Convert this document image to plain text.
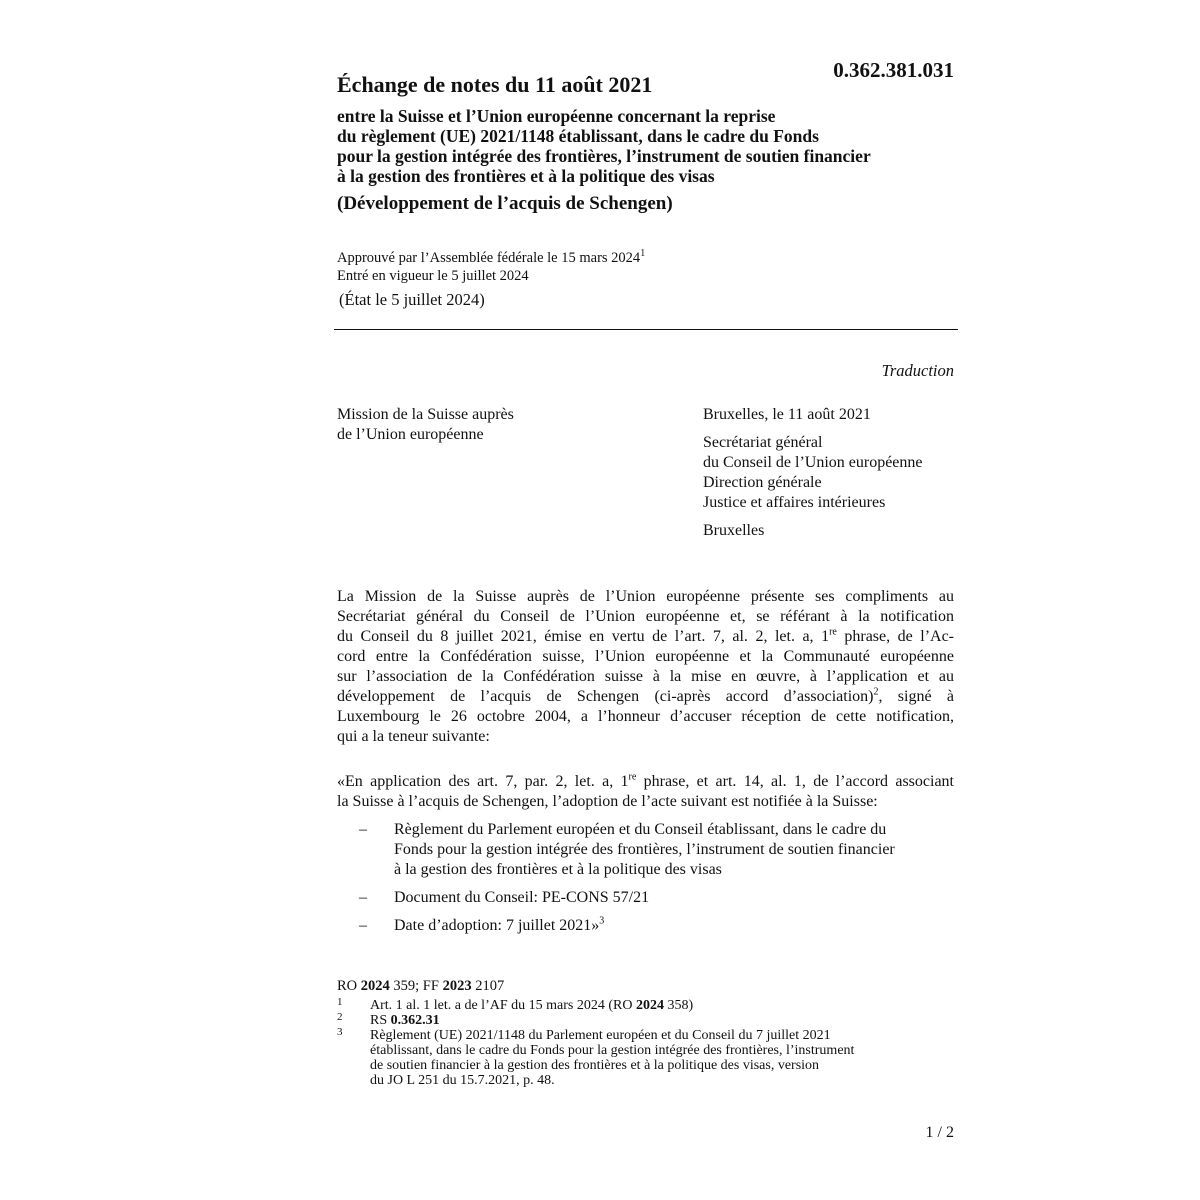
0.362.381.031
Échange de notes du 11 août 2021
entre la Suisse et l’Union européenne concernant la reprise
du règlement (UE) 2021/1148 établissant, dans le cadre du Fonds
pour la gestion intégrée des frontières, l’instrument de soutien financier
à la gestion des frontières et à la politique des visas
(Développement de l’acquis de Schengen)
Approuvé par l’Assemblée fédérale le 15 mars 2024$^1$
Entré en vigueur le 5 juillet 2024
(État le 5 juillet 2024)
Traduction
Mission de la Suisse auprès
de l’Union européenne
Bruxelles, le 11 août 2021
Secrétariat général
du Conseil de l’Union européenne
Direction générale
Justice et affaires intérieures
Bruxelles
La Mission de la Suisse auprès de l’Union européenne présente ses compliments au
Secrétariat général du Conseil de l’Union européenne et, se référant à la notification
du Conseil du 8 juillet 2021, émise en vertu de l’art. 7, al. 2, let. a, 1re phrase, de l’Ac-
cord entre la Confédération suisse, l’Union européenne et la Communauté européenne
sur l’association de la Confédération suisse à la mise en œuvre, à l’application et au
développement de l’acquis de Schengen (ci-après accord d’association)$^2$, signé à
Luxembourg le 26 octobre 2004, a l’honneur d’accuser réception de cette notification,
qui a la teneur suivante:
«En application des art. 7, par. 2, let. a, 1re phrase, et art. 14, al. 1, de l’accord associant
la Suisse à l’acquis de Schengen, l’adoption de l’acte suivant est notifiée à la Suisse:
– Règlement du Parlement européen et du Conseil établissant, dans le cadre du
Fonds pour la gestion intégrée des frontières, l’instrument de soutien financier
à la gestion des frontières et à la politique des visas
– Document du Conseil: PE-CONS 57/21
– Date d’adoption: 7 juillet 2021»$^3$
RO 2024 359; FF 2023 2107
1 Art. 1 al. 1 let. a de l’AF du 15 mars 2024 (RO 2024 358)
2 RS 0.362.31
3 Règlement (UE) 2021/1148 du Parlement européen et du Conseil du 7 juillet 2021
établissant, dans le cadre du Fonds pour la gestion intégrée des frontières, l’instrument
de soutien financier à la gestion des frontières et à la politique des visas, version
du JO L 251 du 15.7.2021, p. 48.
1 / 2
